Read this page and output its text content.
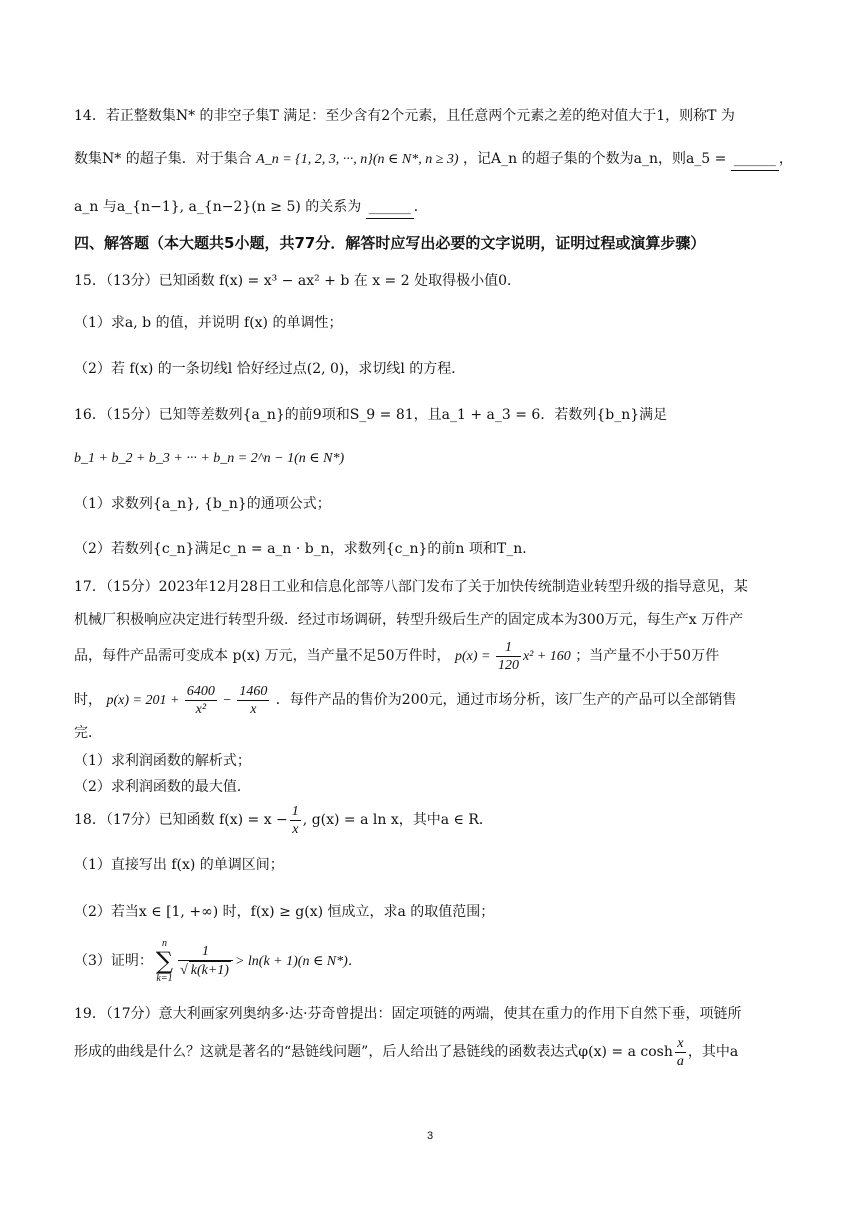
14．若正整数集N* 的非空子集T 满足：至少含有2个元素，且任意两个元素之差的绝对值大于1，则称T 为
数集N* 的超子集．对于集合 A_n = {1, 2, 3, ···, n}(n ∈ N*, n ≥ 3) ，记A_n 的超子集的个数为a_n，则a_5 = ______ ，
a_n 与a_{n−1}, a_{n−2}(n ≥ 5) 的关系为 ______ ．
四、解答题（本大题共5小题，共77分．解答时应写出必要的文字说明，证明过程或演算步骤）
15．（13分）已知函数 f(x) = x³ − ax² + b 在 x = 2 处取得极小值0．
（1）求a, b 的值，并说明 f(x) 的单调性；
（2）若 f(x) 的一条切线l 恰好经过点(2, 0)，求切线l 的方程．
16．（15分）已知等差数列{a_n}的前9项和S_9 = 81，且a_1 + a_3 = 6．若数列{b_n}满足
b_1 + b_2 + b_3 + ··· + b_n = 2^n − 1(n ∈ N*)
（1）求数列{a_n}, {b_n}的通项公式；
（2）若数列{c_n}满足c_n = a_n · b_n，求数列{c_n}的前n 项和T_n．
17．（15分）2023年12月28日工业和信息化部等八部门发布了关于加快传统制造业转型升级的指导意见，某
机械厂积极响应决定进行转型升级．经过市场调研，转型升级后生产的固定成本为300万元，每生产x 万件产
品，每件产品需可变成本 p(x) 万元，当产量不足50万件时， $p(x) = \frac{1}{120} x^2 + 160$ ；当产量不小于50万件
时， $p(x) = 201 + \frac{6400}{\text{x²}} - \frac{1460}{x}$ ．每件产品的售价为200元，通过市场分析，该厂生产的产品可以全部销售
完．
（1）求利润函数的解析式；
（2）求利润函数的最大值．
18．（17分）已知函数 $f(x) = x - \frac{1}{x}$ , g(x) = a ln x，其中a ∈ R．
（1）直接写出 f(x) 的单调区间；
（2）若当x ∈ [1, +∞) 时，f(x) ≥ g(x) 恒成立，求a 的取值范围；
（3）证明：
n
∑
$k=1 \frac{1}{√ k(k+1)} > \ln(k + 1)(n$ ∈ N*)．
19．（17分）意大利画家列奥纳多·达·芬奇曾提出：固定项链的两端，使其在重力的作用下自然下垂，项链所
形成的曲线是什么？这就是著名的“悬链线问题”，后人给出了悬链线的函数表达式φ(x) = a $\cosh \frac{x}{a}$ ，其中a
3
